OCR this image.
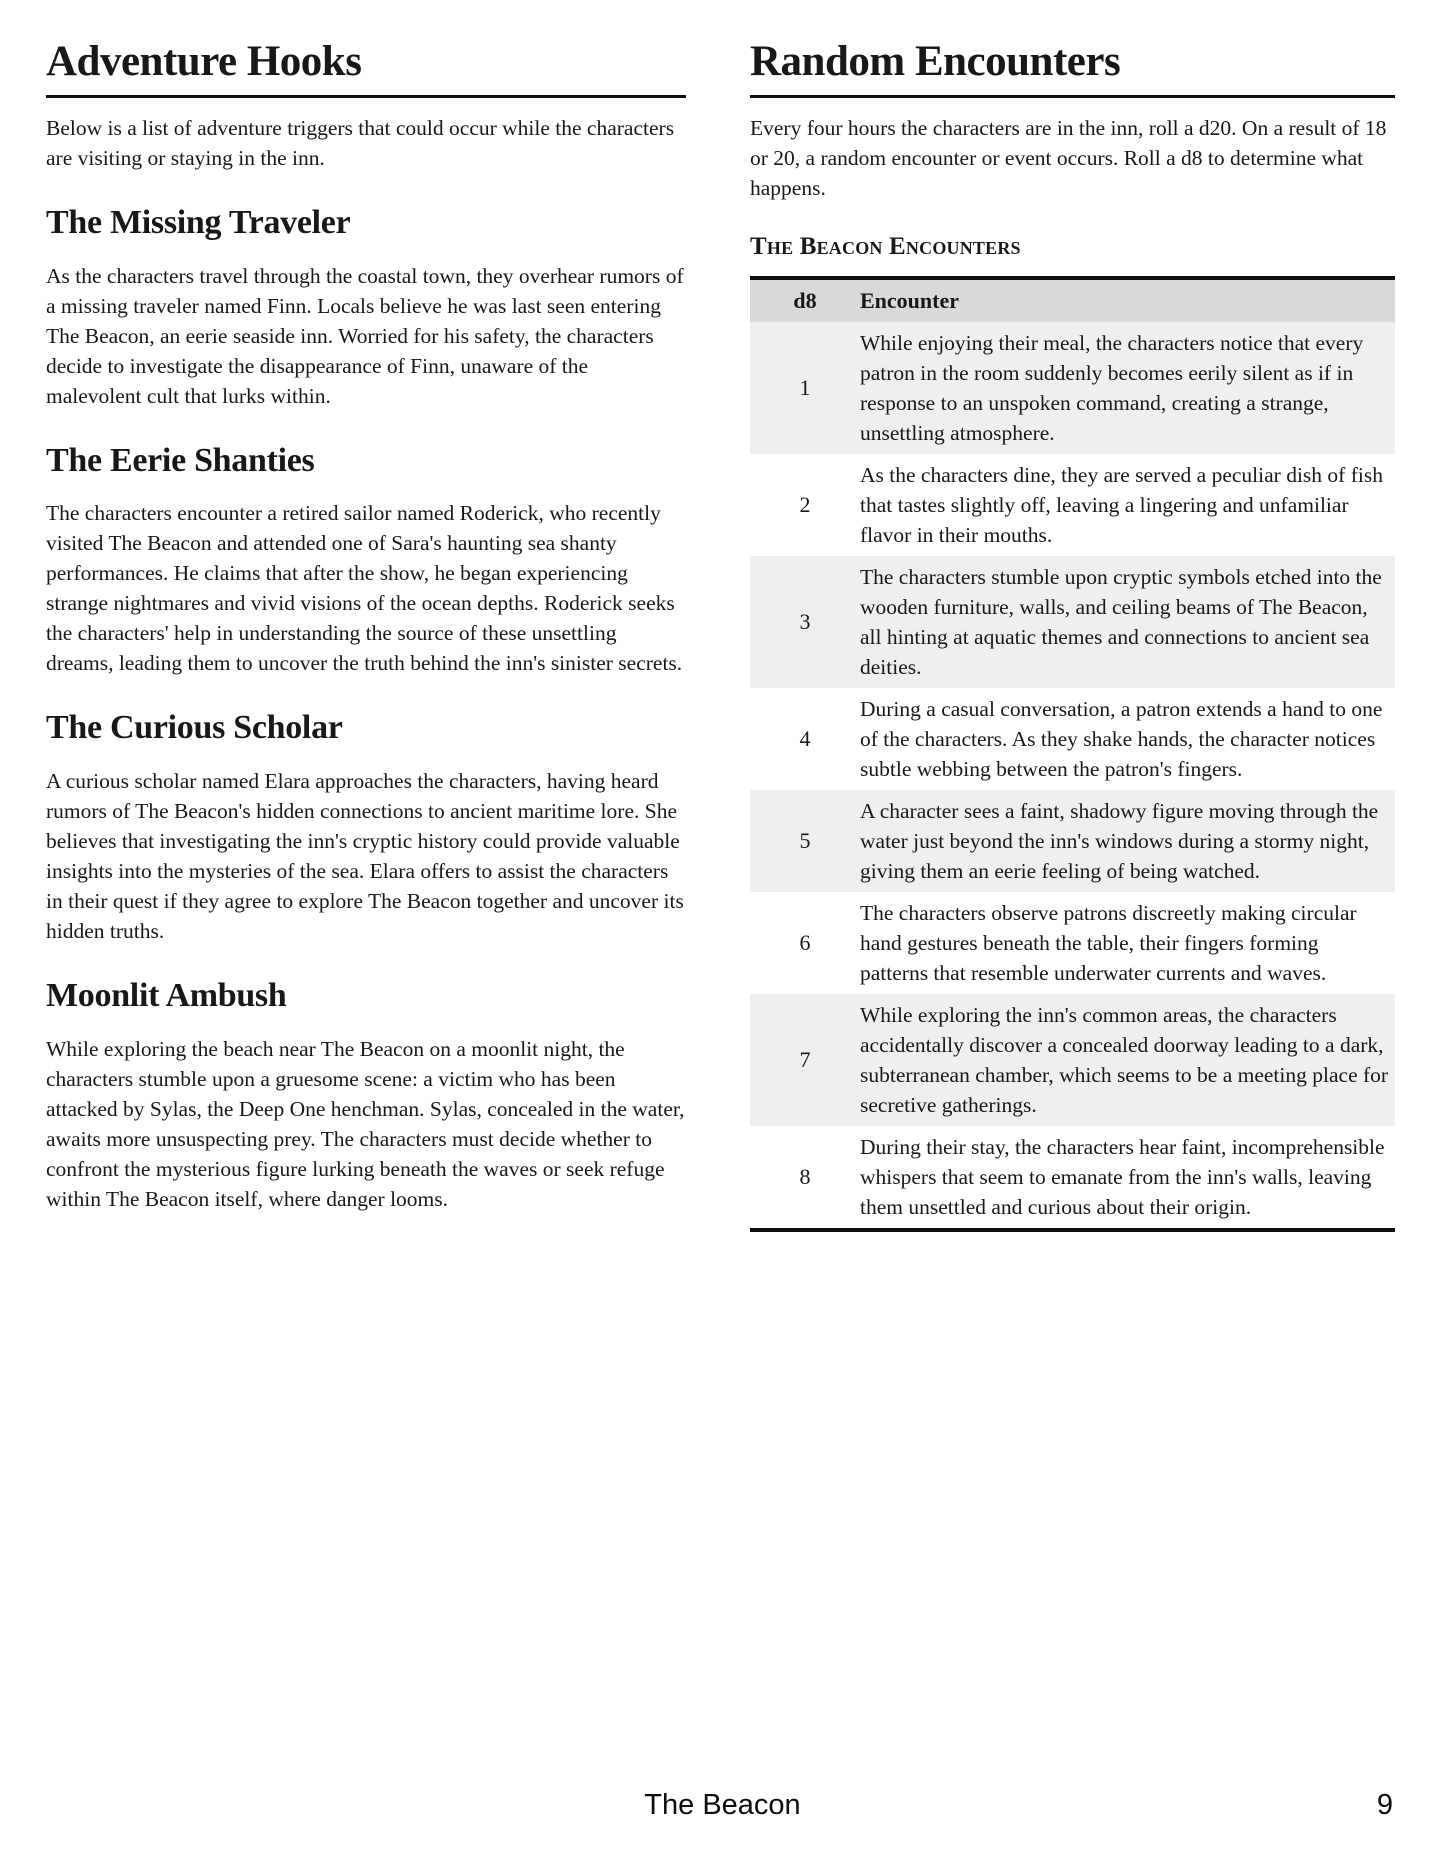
Adventure Hooks

Below is a list of adventure triggers that could occur while the characters are visiting or staying in the inn.

The Missing Traveler

As the characters travel through the coastal town, they overhear rumors of a missing traveler named Finn. Locals believe he was last seen entering The Beacon, an eerie seaside inn. Worried for his safety, the characters decide to investigate the disappearance of Finn, unaware of the malevolent cult that lurks within.

The Eerie Shanties

The characters encounter a retired sailor named Roderick, who recently visited The Beacon and attended one of Sara's haunting sea shanty performances. He claims that after the show, he began experiencing strange nightmares and vivid visions of the ocean depths. Roderick seeks the characters' help in understanding the source of these unsettling dreams, leading them to uncover the truth behind the inn's sinister secrets.

The Curious Scholar

A curious scholar named Elara approaches the characters, having heard rumors of The Beacon's hidden connections to ancient maritime lore. She believes that investigating the inn's cryptic history could provide valuable insights into the mysteries of the sea. Elara offers to assist the characters in their quest if they agree to explore The Beacon together and uncover its hidden truths.

Moonlit Ambush

While exploring the beach near The Beacon on a moonlit night, the characters stumble upon a gruesome scene: a victim who has been attacked by Sylas, the Deep One henchman. Sylas, concealed in the water, awaits more unsuspecting prey. The characters must decide whether to confront the mysterious figure lurking beneath the waves or seek refuge within The Beacon itself, where danger looms.

Random Encounters

Every four hours the characters are in the inn, roll a d20. On a result of 18 or 20, a random encounter or event occurs. Roll a d8 to determine what happens.

The Beacon Encounters
d8	Encounter
1	While enjoying their meal, the characters notice that every patron in the room suddenly becomes eerily silent as if in response to an unspoken command, creating a strange, unsettling atmosphere.
2	As the characters dine, they are served a peculiar dish of fish that tastes slightly off, leaving a lingering and unfamiliar flavor in their mouths.
3	The characters stumble upon cryptic symbols etched into the wooden furniture, walls, and ceiling beams of The Beacon, all hinting at aquatic themes and connections to ancient sea deities.
4	During a casual conversation, a patron extends a hand to one of the characters. As they shake hands, the character notices subtle webbing between the patron's fingers.
5	A character sees a faint, shadowy figure moving through the water just beyond the inn's windows during a stormy night, giving them an eerie feeling of being watched.
6	The characters observe patrons discreetly making circular hand gestures beneath the table, their fingers forming patterns that resemble underwater currents and waves.
7	While exploring the inn's common areas, the characters accidentally discover a concealed doorway leading to a dark, subterranean chamber, which seems to be a meeting place for secretive gatherings.
8	During their stay, the characters hear faint, incomprehensible whispers that seem to emanate from the inn's walls, leaving them unsettled and curious about their origin.
The Beacon	9
